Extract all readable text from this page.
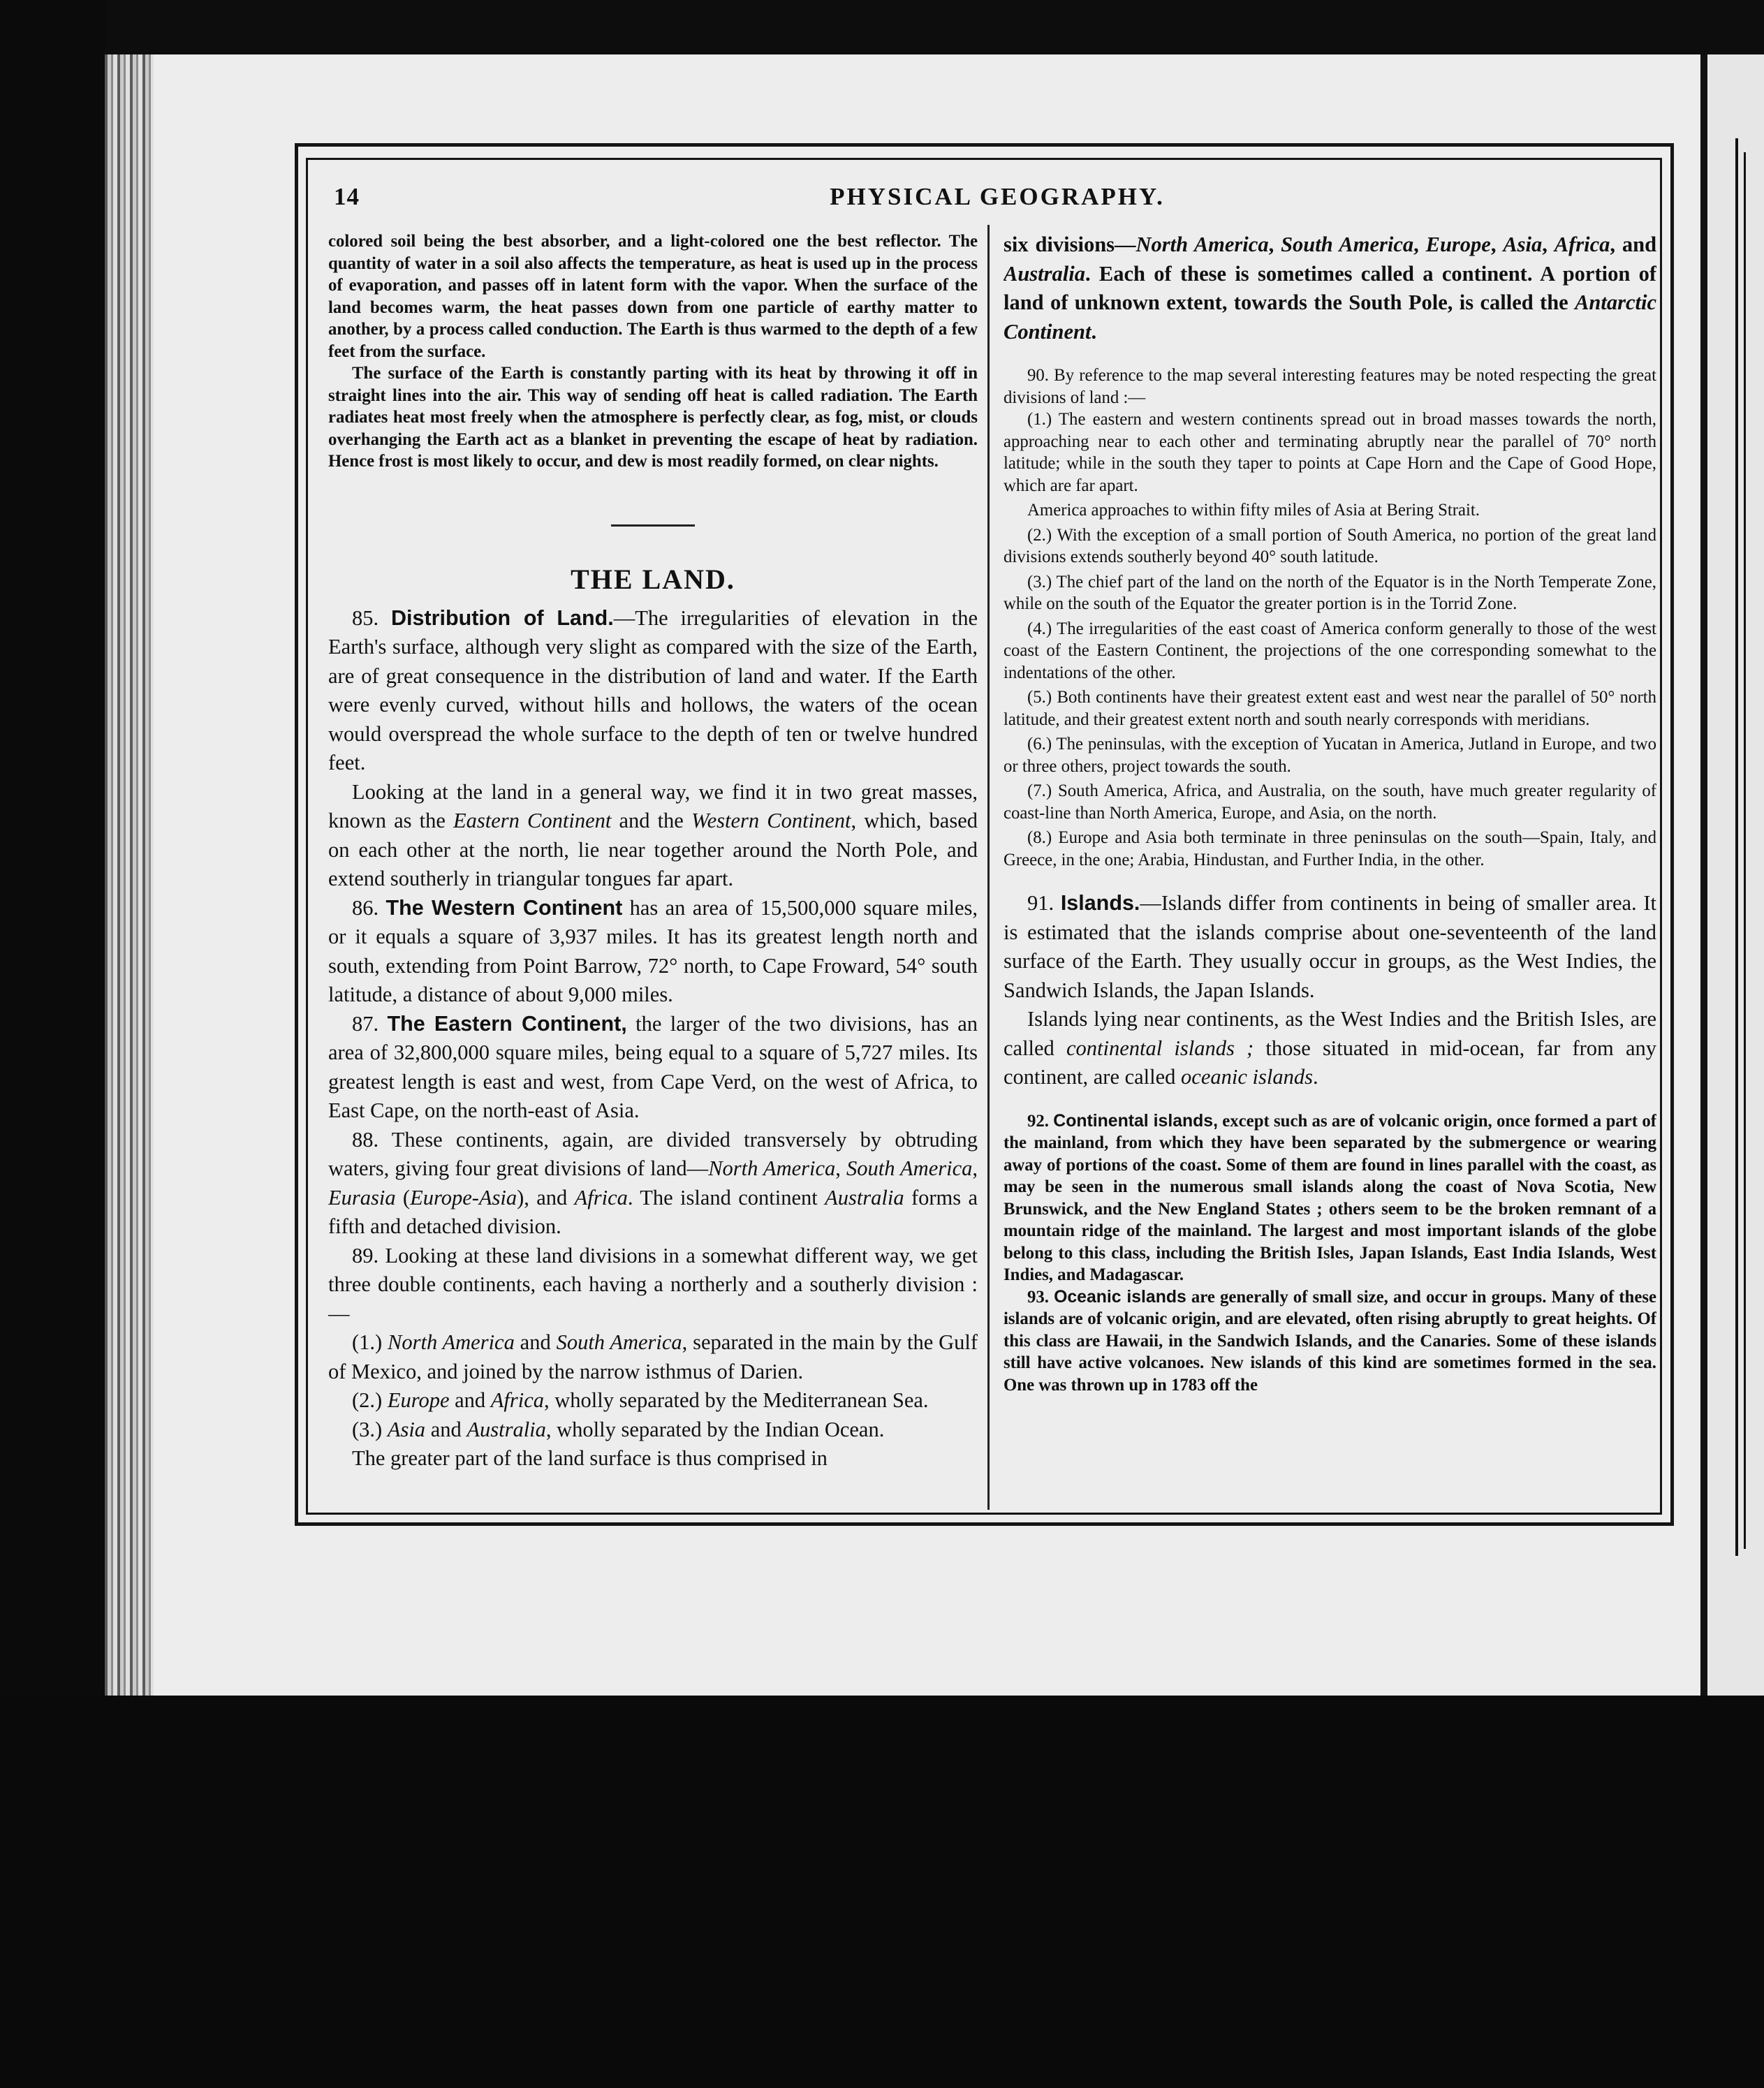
14	PHYSICAL GEOGRAPHY.

colored soil being the best absorber, and a light-colored one the best reflector. The quantity of water in a soil also affects the temperature, as heat is used up in the process of evaporation, and passes off in latent form with the vapor. When the surface of the land becomes warm, the heat passes down from one particle of earthy matter to another, by a process called conduction. The Earth is thus warmed to the depth of a few feet from the surface.

The surface of the Earth is constantly parting with its heat by throwing it off in straight lines into the air. This way of sending off heat is called radiation. The Earth radiates heat most freely when the atmosphere is perfectly clear, as fog, mist, or clouds overhanging the Earth act as a blanket in preventing the escape of heat by radiation. Hence frost is most likely to occur, and dew is most readily formed, on clear nights.

THE LAND.

85. Distribution of Land.—The irregularities of elevation in the Earth's surface, although very slight as compared with the size of the Earth, are of great consequence in the distribution of land and water. If the Earth were evenly curved, without hills and hollows, the waters of the ocean would overspread the whole surface to the depth of ten or twelve hundred feet.

Looking at the land in a general way, we find it in two great masses, known as the Eastern Continent and the Western Continent, which, based on each other at the north, lie near together around the North Pole, and extend southerly in triangular tongues far apart.

86. The Western Continent has an area of 15,500,000 square miles, or it equals a square of 3,937 miles. It has its greatest length north and south, extending from Point Barrow, 72° north, to Cape Froward, 54° south latitude, a distance of about 9,000 miles.

87. The Eastern Continent, the larger of the two divisions, has an area of 32,800,000 square miles, being equal to a square of 5,727 miles. Its greatest length is east and west, from Cape Verd, on the west of Africa, to East Cape, on the north-east of Asia.

88. These continents, again, are divided transversely by obtruding waters, giving four great divisions of land—North America, South America, Eurasia (Europe-Asia), and Africa. The island continent Australia forms a fifth and detached division.

89. Looking at these land divisions in a somewhat different way, we get three double continents, each having a northerly and a southerly division :—

(1.) North America and South America, separated in the main by the Gulf of Mexico, and joined by the narrow isthmus of Darien.

(2.) Europe and Africa, wholly separated by the Mediterranean Sea.

(3.) Asia and Australia, wholly separated by the Indian Ocean.

The greater part of the land surface is thus comprised in

six divisions—North America, South America, Europe, Asia, Africa, and Australia. Each of these is sometimes called a continent. A portion of land of unknown extent, towards the South Pole, is called the Antarctic Continent.

90. By reference to the map several interesting features may be noted respecting the great divisions of land :—

(1.) The eastern and western continents spread out in broad masses towards the north, approaching near to each other and terminating abruptly near the parallel of 70° north latitude; while in the south they taper to points at Cape Horn and the Cape of Good Hope, which are far apart.

America approaches to within fifty miles of Asia at Bering Strait.

(2.) With the exception of a small portion of South America, no portion of the great land divisions extends southerly beyond 40° south latitude.

(3.) The chief part of the land on the north of the Equator is in the North Temperate Zone, while on the south of the Equator the greater portion is in the Torrid Zone.

(4.) The irregularities of the east coast of America conform generally to those of the west coast of the Eastern Continent, the projections of the one corresponding somewhat to the indentations of the other.

(5.) Both continents have their greatest extent east and west near the parallel of 50° north latitude, and their greatest extent north and south nearly corresponds with meridians.

(6.) The peninsulas, with the exception of Yucatan in America, Jutland in Europe, and two or three others, project towards the south.

(7.) South America, Africa, and Australia, on the south, have much greater regularity of coast-line than North America, Europe, and Asia, on the north.

(8.) Europe and Asia both terminate in three peninsulas on the south—Spain, Italy, and Greece, in the one; Arabia, Hindustan, and Further India, in the other.

91. Islands.—Islands differ from continents in being of smaller area. It is estimated that the islands comprise about one-seventeenth of the land surface of the Earth. They usually occur in groups, as the West Indies, the Sandwich Islands, the Japan Islands.

Islands lying near continents, as the West Indies and the British Isles, are called continental islands ; those situated in mid-ocean, far from any continent, are called oceanic islands.

92. Continental islands, except such as are of volcanic origin, once formed a part of the mainland, from which they have been separated by the submergence or wearing away of portions of the coast. Some of them are found in lines parallel with the coast, as may be seen in the numerous small islands along the coast of Nova Scotia, New Brunswick, and the New England States ; others seem to be the broken remnant of a mountain ridge of the mainland. The largest and most important islands of the globe belong to this class, including the British Isles, Japan Islands, East India Islands, West Indies, and Madagascar.

93. Oceanic islands are generally of small size, and occur in groups. Many of these islands are of volcanic origin, and are elevated, often rising abruptly to great heights. Of this class are Hawaii, in the Sandwich Islands, and the Canaries. Some of these islands still have active volcanoes. New islands of this kind are sometimes formed in the sea. One was thrown up in 1783 off the
